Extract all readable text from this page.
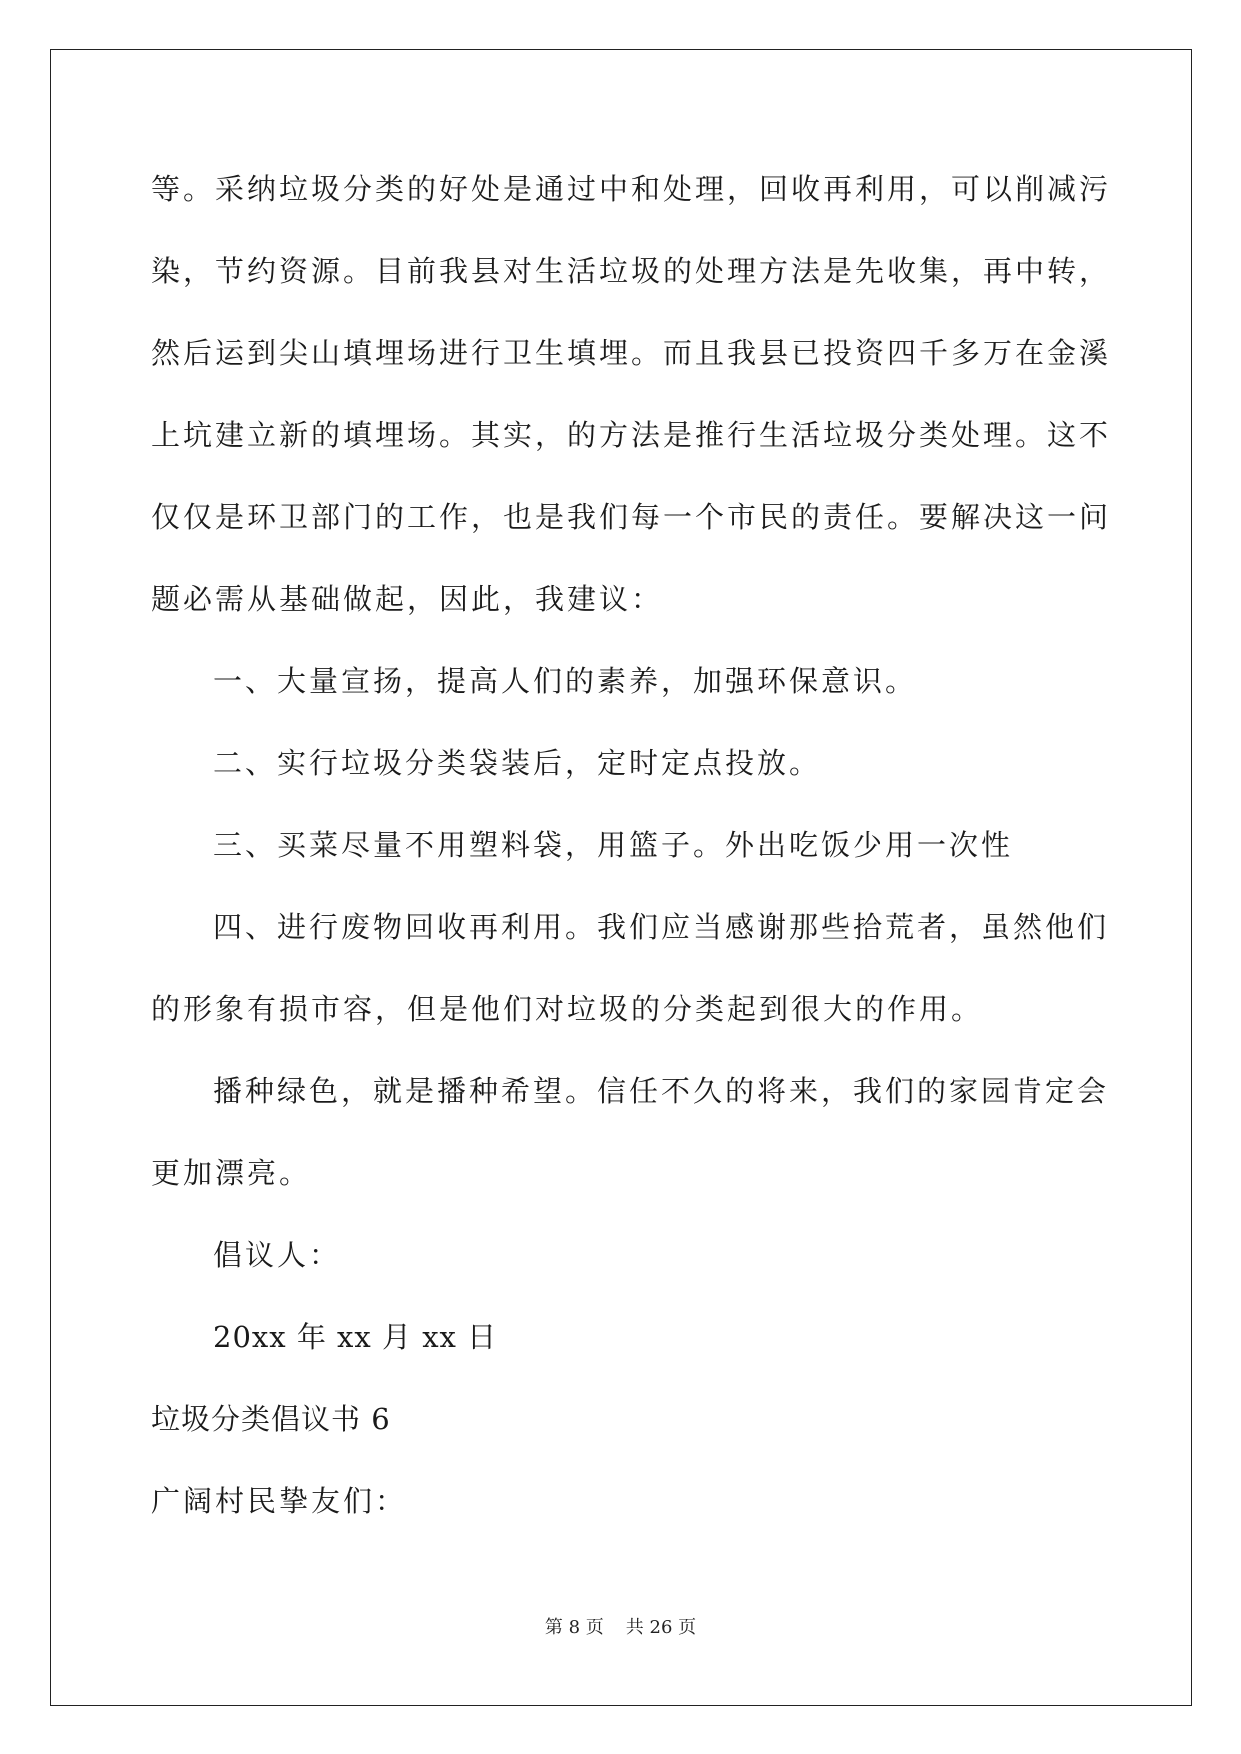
等。采纳垃圾分类的好处是通过中和处理，回收再利用，可以削减污
染，节约资源。目前我县对生活垃圾的处理方法是先收集，再中转，
然后运到尖山填埋场进行卫生填埋。而且我县已投资四千多万在金溪
上坑建立新的填埋场。其实，的方法是推行生活垃圾分类处理。这不
仅仅是环卫部门的工作，也是我们每一个市民的责任。要解决这一问
题必需从基础做起，因此，我建议：
一、大量宣扬，提高人们的素养，加强环保意识。
二、实行垃圾分类袋装后，定时定点投放。
三、买菜尽量不用塑料袋，用篮子。外出吃饭少用一次性
四、进行废物回收再利用。我们应当感谢那些拾荒者，虽然他们
的形象有损市容，但是他们对垃圾的分类起到很大的作用。
播种绿色，就是播种希望。信任不久的将来，我们的家园肯定会
更加漂亮。
倡议人：
20xx 年 xx 月 xx 日
垃圾分类倡议书 6
广阔村民挚友们：
第 8 页 共 26 页
